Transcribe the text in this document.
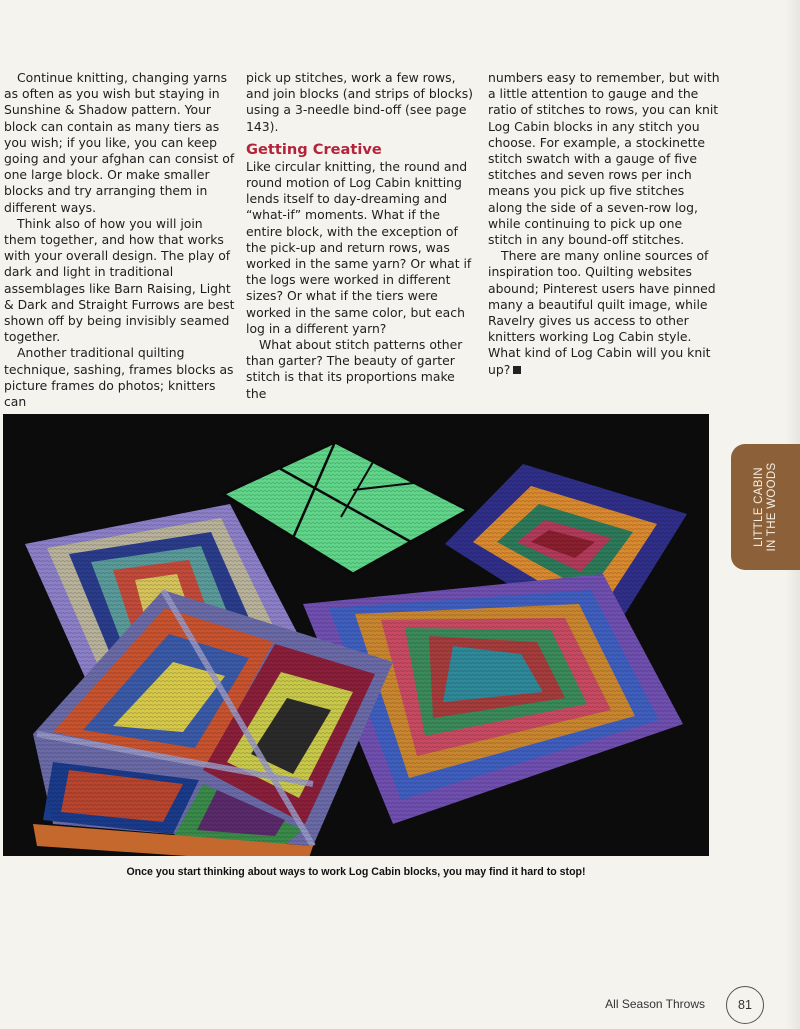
Continue knitting, changing yarns as often as you wish but staying in Sunshine & Shadow pattern. Your block can contain as many tiers as you wish; if you like, you can keep going and your afghan can consist of one large block. Or make smaller blocks and try arranging them in different ways.

Think also of how you will join them together, and how that works with your overall design. The play of dark and light in traditional assemblages like Barn Raising, Light & Dark and Straight Furrows are best shown off by being invisibly seamed together.

Another traditional quilting technique, sashing, frames blocks as picture frames do photos; knitters can

pick up stitches, work a few rows, and join blocks (and strips of blocks) using a 3-needle bind-off (see page 143).

Getting Creative

Like circular knitting, the round and round motion of Log Cabin knitting lends itself to day-dreaming and “what-if” moments. What if the entire block, with the exception of the pick-up and return rows, was worked in the same yarn? Or what if the logs were worked in different sizes? Or what if the tiers were worked in the same color, but each log in a different yarn?

What about stitch patterns other than garter? The beauty of garter stitch is that its proportions make the

numbers easy to remember, but with a little attention to gauge and the ratio of stitches to rows, you can knit Log Cabin blocks in any stitch you choose. For example, a stockinette stitch swatch with a gauge of five stitches and seven rows per inch means you pick up five stitches along the side of a seven-row log, while continuing to pick up one stitch in any bound-off stitches.

There are many online sources of inspiration too. Quilting websites abound; Pinterest users have pinned many a beautiful quilt image, while Ravelry gives us access to other knitters working Log Cabin style. What kind of Log Cabin will you knit up?

Once you start thinking about ways to work Log Cabin blocks, you may find it hard to stop!
LITTLE CABIN IN THE WOODS
All Season Throws	81
